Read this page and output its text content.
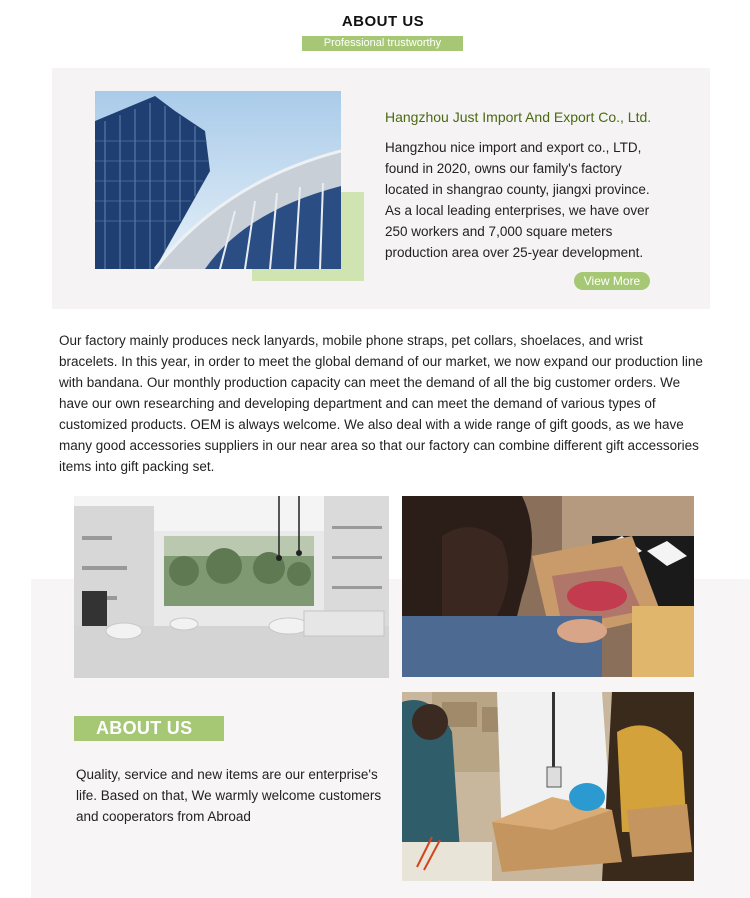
ABOUT US
Professional trustworthy
Hangzhou Just Import And Export Co., Ltd.
Hangzhou nice import and export co., LTD, found in 2020, owns our family's factory located in shangrao county, jiangxi province. As a local leading enterprises, we have over 250 workers and 7,000 square meters production area over 25-year development.
View More
Our factory mainly produces neck lanyards, mobile phone straps, pet collars, shoelaces, and wrist bracelets. In this year, in order to meet the global demand of our market, we now expand our production line with bandana. Our monthly production capacity can meet the demand of all the big customer orders. We have our own researching and developing department and can meet the demand of various types of customized products. OEM is always welcome. We also deal with a wide range of gift goods, as we have many good accessories suppliers in our near area so that our factory can combine different gift accessories items into gift packing set.
ABOUT US
Quality, service and new items are our enterprise's life. Based on that, We warmly welcome customers and cooperators from Abroad
